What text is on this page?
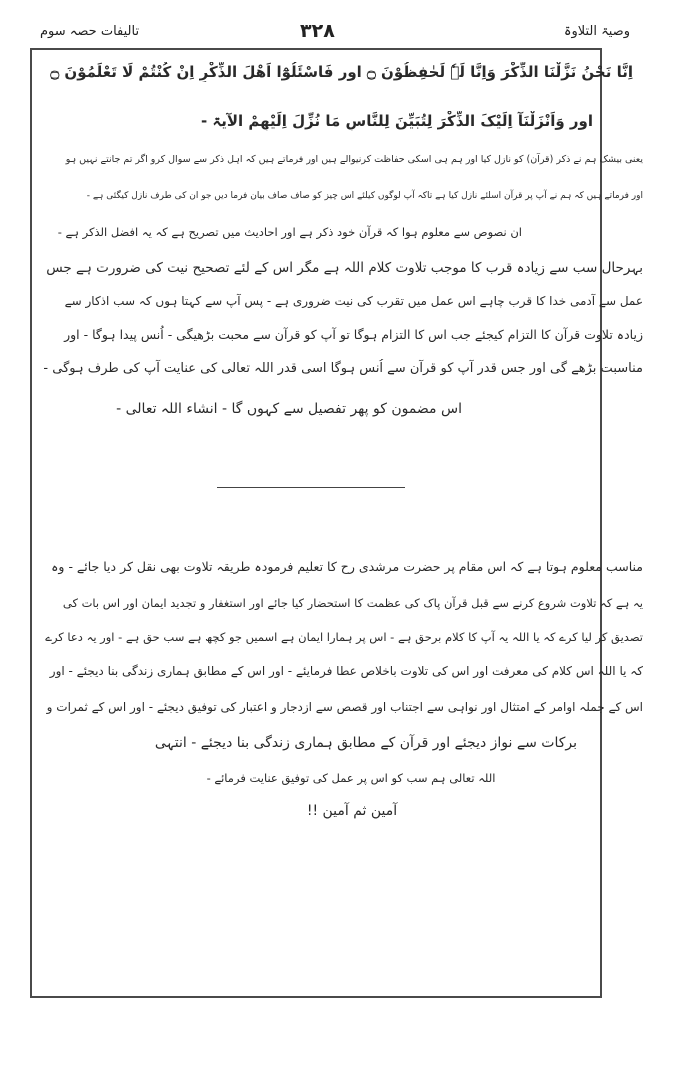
تالیفات حصہ سوم	۳۲۸	وصیۃ التلاوۃ
اِنَّا نَحْنُ نَزَّلْنَا الذِّکْرَ وَاِنَّا لَہٗ لَحٰفِظُوْنَ ۝ اور فَاسْئَلُوْٓا اَھْلَ الذِّکْرِ اِنْ کُنْتُمْ لَا تَعْلَمُوْنَ ۝
اور وَاَنْزَلْنَآ اِلَیْکَ الذِّکْرَ لِتُبَیِّنَ لِلنَّاسِ مَا نُزِّلَ اِلَیْھِمْ الآیۃ -
یعنی بیشک ہم نے ذکر (قرآن) کو نازل کیا اور ہم ہی اسکی حفاظت کرنیوالے ہیں اور فرماتے ہیں کہ اہل ذکر سے سوال کرو اگر تم جانتے نہیں ہو
اور فرماتے ہیں کہ ہم نے آپ پر قرآن اسلئے نازل کیا ہے تاکہ آپ لوگوں کیلئے اس چیز کو صاف صاف بیان فرما دیں جو ان کی طرف نازل کیگئی ہے -
ان نصوص سے معلوم ہوا کہ قرآن خود ذکر ہے اور احادیث میں تصریح ہے کہ یہ افضل الذکر ہے -
بہرحال سب سے زیادہ قرب کا موجب تلاوت کلام اللہ ہے مگر اس کے لئے تصحیح نیت کی ضرورت ہے جس
عمل سے آدمی خدا کا قرب چاہے اس عمل میں تقرب کی نیت ضروری ہے - پس آپ سے کہتا ہوں کہ سب اذکار سے
زیادہ تلاوت قرآن کا التزام کیجئے جب اس کا التزام ہوگا تو آپ کو قرآن سے محبت بڑھیگی - اُنس پیدا ہوگا - اور
مناسبت بڑھے گی اور جس قدر آپ کو قرآن سے اُنس ہوگا اسی قدر اللہ تعالی کی عنایت آپ کی طرف ہوگی -
اس مضمون کو پھر تفصیل سے کہوں گا - انشاء اللہ تعالی -
مناسب معلوم ہوتا ہے کہ اس مقام پر حضرت مرشدی رح کا تعلیم فرمودہ طریقہ تلاوت بھی نقل کر دیا جائے - وہ
یہ ہے کہ تلاوت شروع کرنے سے قبل قرآن پاک کی عظمت کا استحضار کیا جائے اور استغفار و تجدید ایمان اور اس بات کی
تصدیق کر لیا کرے کہ یا اللہ یہ آپ کا کلام برحق ہے - اس پر ہمارا ایمان ہے اسمیں جو کچھ ہے سب حق ہے - اور یہ دعا کرے
کہ یا اللہ اس کلام کی معرفت اور اس کی تلاوت باخلاص عطا فرمایئے - اور اس کے مطابق ہماری زندگی بنا دیجئے - اور
اس کے جملہ اوامر کے امتثال اور نواہی سے اجتناب اور قصص سے ازدجار و اعتبار کی توفیق دیجئے - اور اس کے ثمرات و
برکات سے نواز دیجئے اور قرآن کے مطابق ہماری زندگی بنا دیجئے - انتہی
اللہ تعالی ہم سب کو اس پر عمل کی توفیق عنایت فرمائے -
آمین ثم آمین !!
